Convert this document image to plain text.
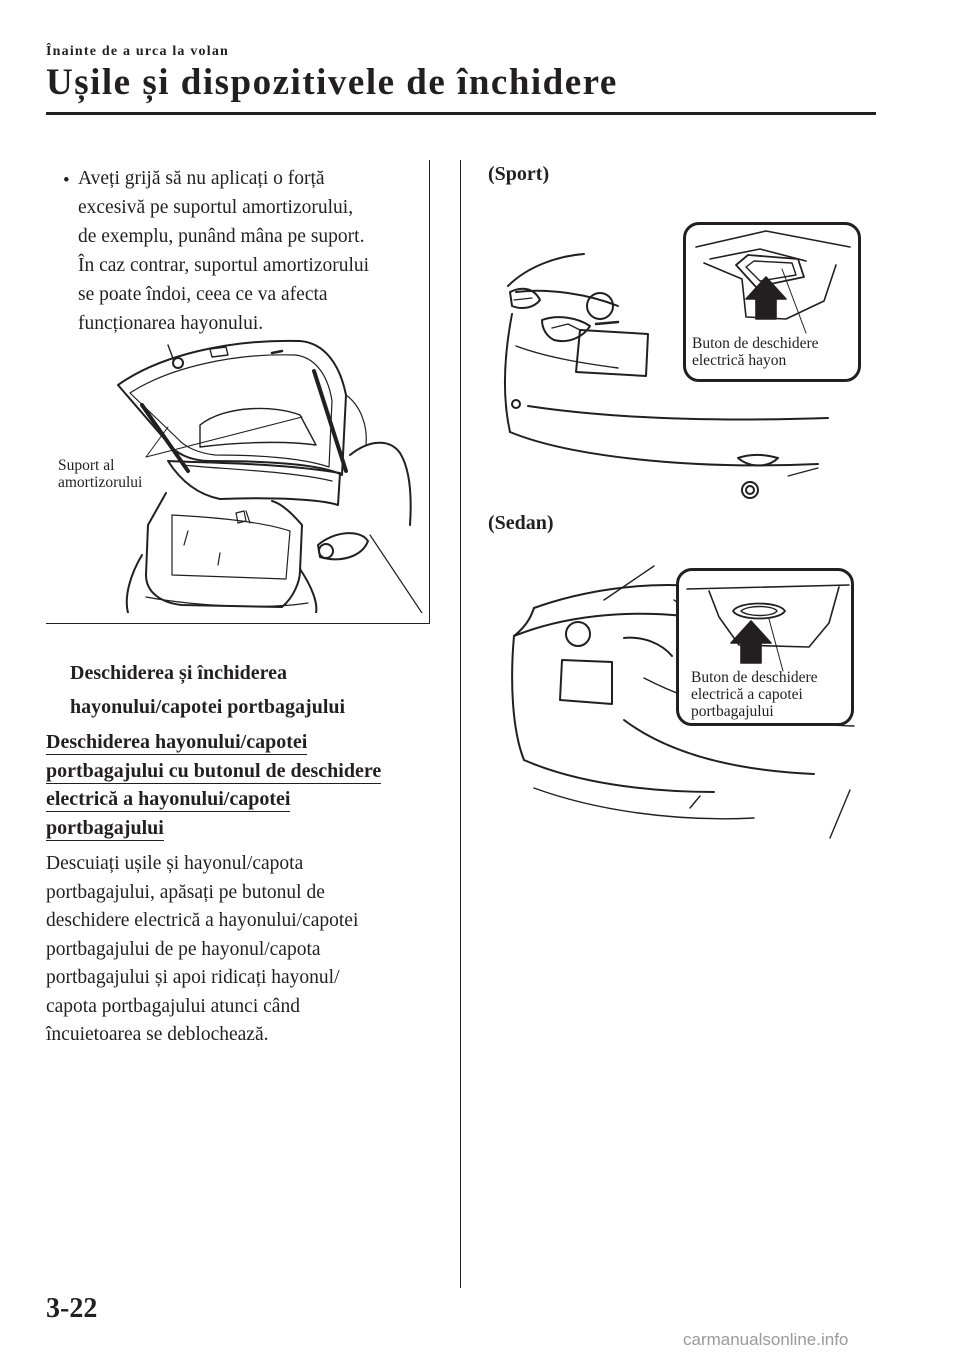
Înainte de a urca la volan
Ușile și dispozitivele de închidere
• Aveți grijă să nu aplicați o forță
excesivă pe suportul amortizorului,
de exemplu, punând mâna pe suport.
În caz contrar, suportul amortizorului
se poate îndoi, ceea ce va afecta
funcționarea hayonului.
Suport al
amortizorului
Deschiderea și închiderea
hayonului/capotei portbagajului
Deschiderea hayonului/capotei
portbagajului cu butonul de deschidere
electrică a hayonului/capotei
portbagajului
Descuiați ușile și hayonul/capota
portbagajului, apăsați pe butonul de
deschidere electrică a hayonului/capotei
portbagajului de pe hayonul/capota
portbagajului și apoi ridicați hayonul/
capota portbagajului atunci când
încuietoarea se deblochează.
(Sport)
Buton de deschidere
electrică hayon
(Sedan)
Buton de deschidere
electrică a capotei
portbagajului
3-22
carmanualsonline.info
